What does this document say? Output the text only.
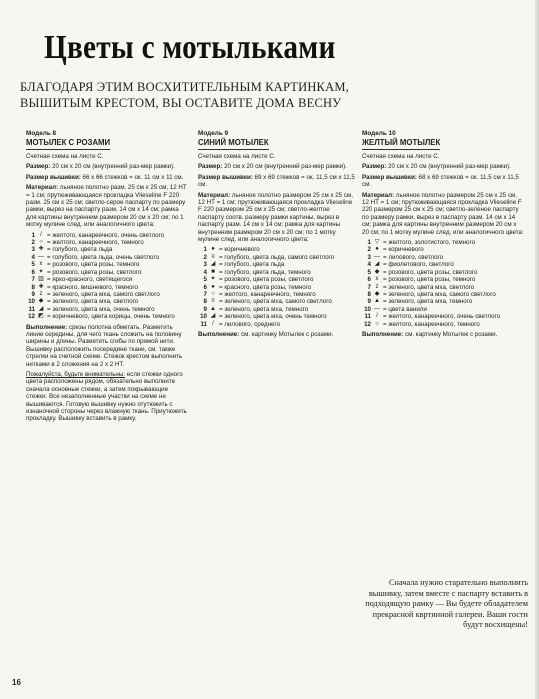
Цветы с мотыльками
БЛАГОДАРЯ ЭТИМ ВОСХИТИТЕЛЬНЫМ КАРТИНКАМ, ВЫШИТЫМ КРЕСТОМ, ВЫ ОСТАВИТЕ ДОМА ВЕСНУ
Модель 8
МОТЫЛЕК С РОЗАМИ
Счетная схема на листе С.
Размер: 20 см х 20 см (внутренний раз-мер рамки).
Размер вышивки: 66 х 66 стежков = ок. 11 см х 11 см.
Материал: льняное полотно разм. 25 см х 25 см, 12 НТ = 1 см; прутюживающаяся прокладка Vlieseline F 220 разм. 25 см х 25 см; светло-серое паспарту по размеру рамки, вырез на паспарту разм. 14 см х 14 см; рамка для картины внутренним размером 20 см х 20 см; по 1 мотку мулине след. или аналогичного цвета:
1 / = желтого, канареечного, очень светлого
2 ○ = желтого, канареечного, темного
3 ✚ = голубого, цвета льда
4 — = голубого, цвета льда, очень светлого
5 x = розового, цвета розы, темного
6 ✦ = розового, цвета розы, светлого
7 ▥ = ярко-красного, светящегося
8 ✚ = красного, вишневого, темного
9 z = зеленого, цвета мха, самого светлого
10 ◆ = зеленого, цвета мха, светлого
11 ◢ = зеленого, цвета мха, очень темного
12 ◩ = коричневого, цвета корицы, очень темного
Выполнение: срезы полотна обметать. Разметить линии середины, для чего ткань сложить на половину ширины и длины. Разметить сгибы по прямой нити. Вышивку расположить посередине ткани, см. также стрелки на счетной схеме. Стежок крестом выполнить нитками в 2 сложения на 2 х 2 НТ.
Пожалуйста, будьте внимательны: если стежки одного цвета расположены рядом, обязательно выполните сначала основные стежки, а затем покрывающие стежки. Все незаполненные участки на схеме не вышиваются. Готовую вышивку нужно отутюжить с изнаночной стороны через влажную ткань. Приутюжить прокладку. Вышивку вставить в рамку.
Модель 9
СИНИЙ МОТЫЛЕК
Счетная схема на листе С.
Размер: 20 см х 20 см (внутренний раз-мер рамки).
Размер вышивки: 69 х 69 стежков = ок. 11,5 см х 11,5 см.
Материал: льняное полотно размером 25 см х 25 см, 12 НТ = 1 см; прутюживающаяся прокладка Vlieseline F 220 размером 25 см х 25 см; светло-желтое паспарту соотв. размеру рамки картины, вырез в паспарту разм. 14 см х 14 см; рамка для картины внутренним размером 20 см х 20 см; по 1 мотку мулине след. или аналогичного цвета:
1 ● = коричневого
2 ≡ = голубого, цвета льда, самого светлого
3 ◢ = голубого, цвета льда
4 ■ = голубого, цвета льда, темного
5 ✦ = розового, цвета розы, светлого
6 ● = красного, цвета розы, темного
7 ○ = желтого, канареечного, темного
8 ≡ = зеленого, цвета мха, самого светлого
9 ▲ = зеленого, цвета мха, темного
10 ◢ = зеленого, цвета мха, очень темного
11 / = лилового, среднего
Выполнение: см. картинку Мотылек с розами.
Модель 10
ЖЕЛТЫЙ МОТЫЛЕК
Счетная схема на листе С.
Размер: 20 см х 20 см (внутренний раз-мер рамки).
Размер вышивки: 68 х 69 стежков = ок. 11,5 см х 11,5 см.
Материал: льняное полотно размером 25 см х 25 см, 12 НТ = 1 см; прутюживающаяся прокладка Vlieseline F 220 размером 25 см х 25 см; светло-зеленое паспарту по размеру рамки, вырез в паспарту разм. 14 см х 14 см; рамка для картины внутренним размером 20 см х 20 см; по 1 мотку мулине след. или аналогичного цвета:
1 ▽ = желтого, золотистого, темного
2 ● = коричневого
3 — = лилового, светлого
4 ◢ = фиолетового, светлого
5 ◆ = розового, цвета розы, светлого
6 x = розового, цвета розы, темного
7 z = зеленого, цвета мха, светлого
8 ◆ = зеленого, цвета мха, самого светлого
9 ▲ = зеленого, цвета мха, темного
10 — = цвета ванили
11 / = желтого, канареечного, очень светлого
12 ○ = желтого, канареечного, темного
Выполнение: см. картинку Мотылек с розами.
Сначала нужно старательно выполнить вышивку, затем вместе с паспарту вставить в подходящую рамку — Вы будете обладателем прекрасной квртинной галереи. Ваши гости будут восхищены!
16
